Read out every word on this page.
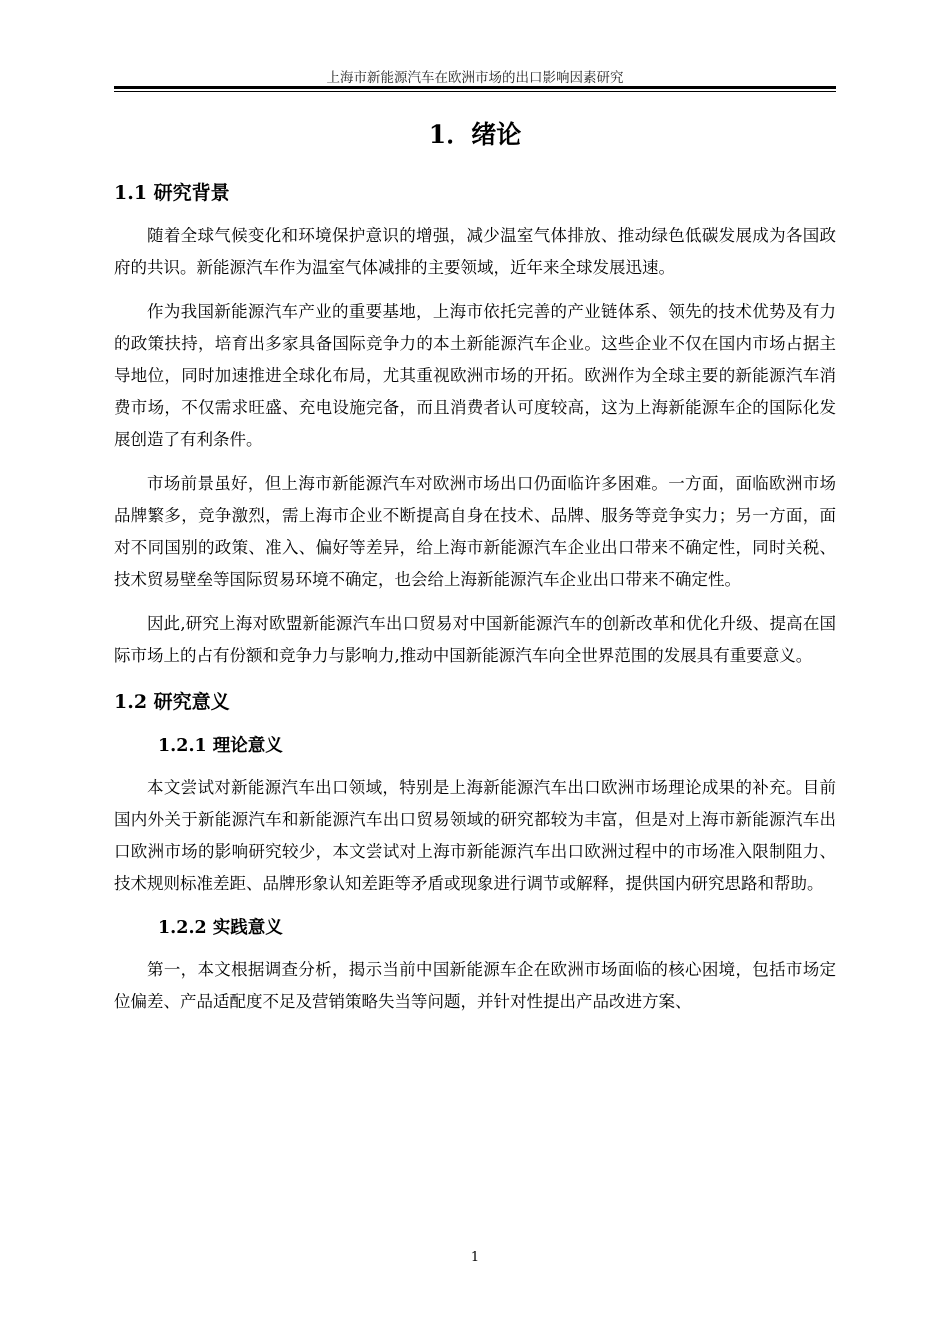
上海市新能源汽车在欧洲市场的出口影响因素研究
1．绪论
1.1 研究背景

随着全球气候变化和环境保护意识的增强，减少温室气体排放、推动绿色低碳发展成为各国政府的共识。新能源汽车作为温室气体减排的主要领域，近年来全球发展迅速。

作为我国新能源汽车产业的重要基地，上海市依托完善的产业链体系、领先的技术优势及有力的政策扶持，培育出多家具备国际竞争力的本土新能源汽车企业。这些企业不仅在国内市场占据主导地位，同时加速推进全球化布局，尤其重视欧洲市场的开拓。欧洲作为全球主要的新能源汽车消费市场，不仅需求旺盛、充电设施完备，而且消费者认可度较高，这为上海新能源车企的国际化发展创造了有利条件。

市场前景虽好，但上海市新能源汽车对欧洲市场出口仍面临许多困难。一方面，面临欧洲市场品牌繁多，竞争激烈，需上海市企业不断提高自身在技术、品牌、服务等竞争实力；另一方面，面对不同国别的政策、准入、偏好等差异，给上海市新能源汽车企业出口带来不确定性，同时关税、技术贸易壁垒等国际贸易环境不确定，也会给上海新能源汽车企业出口带来不确定性。

因此,研究上海对欧盟新能源汽车出口贸易对中国新能源汽车的创新改革和优化升级、提高在国际市场上的占有份额和竞争力与影响力,推动中国新能源汽车向全世界范围的发展具有重要意义。

1.2 研究意义
1.2.1 理论意义

本文尝试对新能源汽车出口领域，特别是上海新能源汽车出口欧洲市场理论成果的补充。目前国内外关于新能源汽车和新能源汽车出口贸易领域的研究都较为丰富，但是对上海市新能源汽车出口欧洲市场的影响研究较少，本文尝试对上海市新能源汽车出口欧洲过程中的市场准入限制阻力、技术规则标准差距、品牌形象认知差距等矛盾或现象进行调节或解释，提供国内研究思路和帮助。

1.2.2 实践意义

第一，本文根据调查分析，揭示当前中国新能源车企在欧洲市场面临的核心困境，包括市场定位偏差、产品适配度不足及营销策略失当等问题，并针对性提出产品改进方案、

1
